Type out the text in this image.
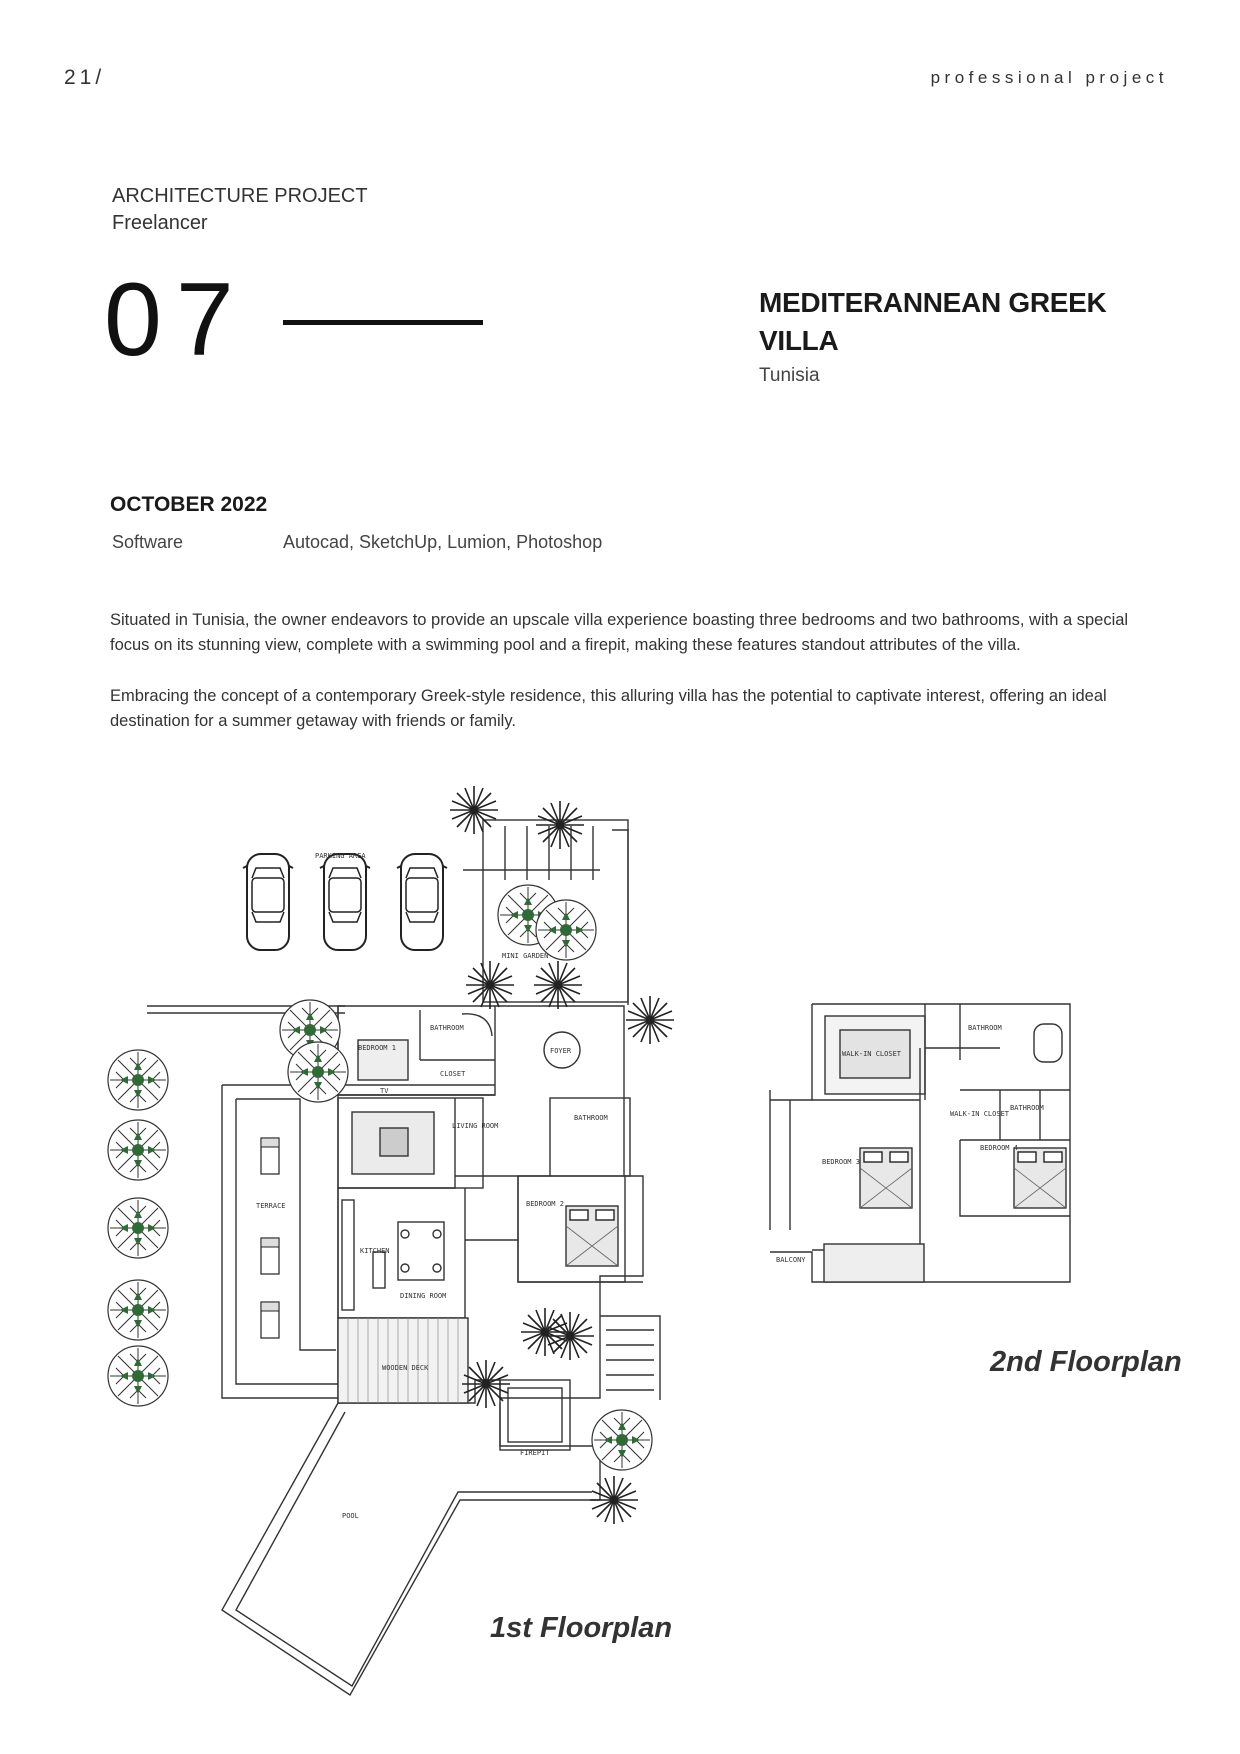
21/	professional project
ARCHITECTURE PROJECT
Freelancer
07	MEDITERANNEAN GREEK
VILLA
Tunisia
OCTOBER 2022
Software	Autocad, SketchUp, Lumion, Photoshop
Situated in Tunisia, the owner endeavors to provide an upscale villa experience boasting three bedrooms and two bathrooms, with a special focus on its stunning view, complete with a swimming pool and a firepit, making these features standout attributes of the villa.
Embracing the concept of a contemporary Greek-style residence, this alluring villa has the potential to captivate interest, offering an ideal destination for a summer getaway with friends or family.
PARKING AREA
MINI GARDEN
BATHROOM
BEDROOM 1
CLOSET
TV
FOYER
LIVING ROOM
BATHROOM
BEDROOM 2
TERRACE
KITCHEN
DINING ROOM
WOODEN DECK
FIREPIT
POOL
WALK-IN CLOSET
BATHROOM
WALK-IN CLOSET
BATHROOM
BEDROOM 3
BEDROOM 4
BALCONY
2nd Floorplan
1st Floorplan
